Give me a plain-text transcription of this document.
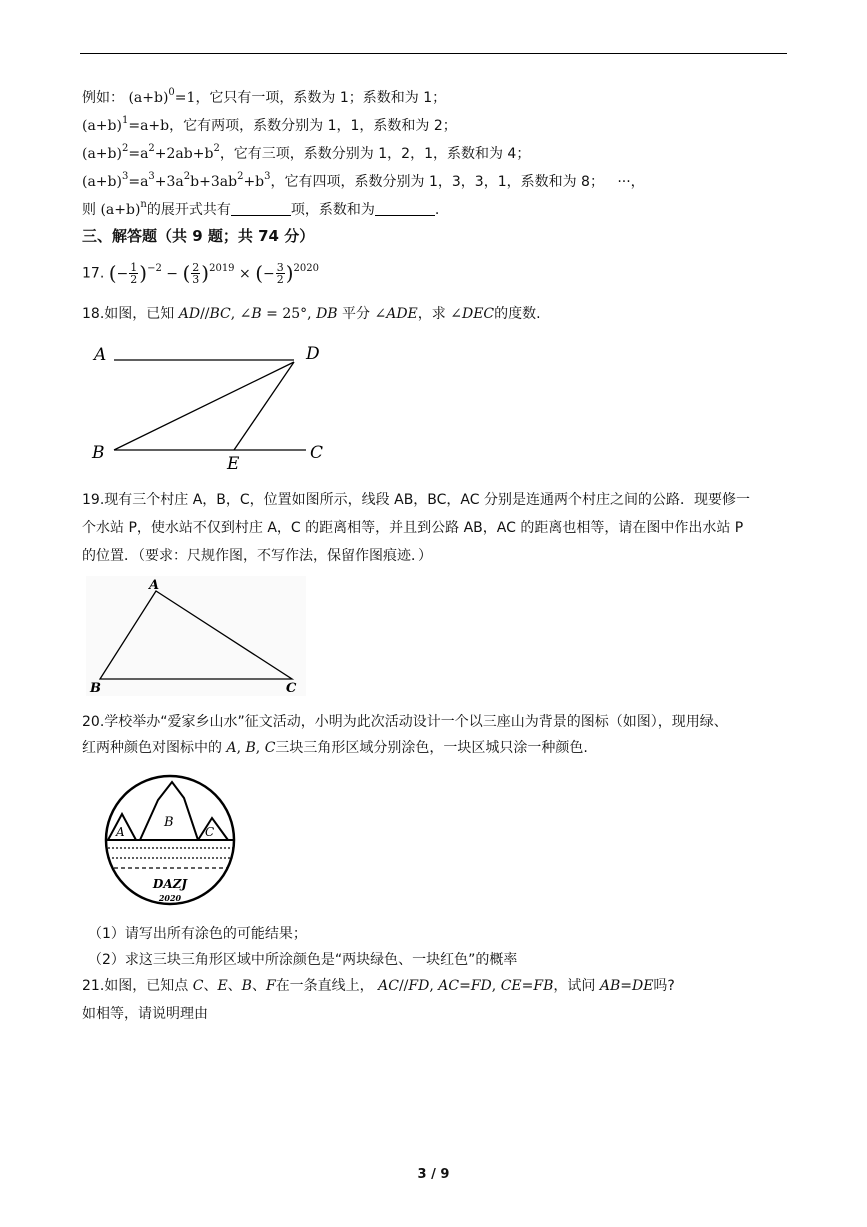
例如： $(a+b)^0=1$，它只有一项，系数为 1；系数和为 1；
$(a+b)^1=a+b$，它有两项，系数分别为 1，1，系数和为 2；
$(a+b)^2=a^2+2ab+b^2$，它有三项，系数分别为 1，2，1，系数和为 4；
$(a+b)^3=a^3+3a^2b+3ab^2+b^3$，它有四项，系数分别为 1，3，3，1，系数和为 8； ···，
则 $(a+b)^n$的展开式共有	项，系数和为	.
三、解答题（共 9 题；共 74 分）
17. (− $\frac{1}{2} )^{-2}$ − ( $\frac{2}{3} )^{2019}$ × (− $\frac{3}{2} )^{2020}$
18.如图，已知 AD//BC, ∠B = 25°, DB 平分 ∠ADE，求 ∠DEC的度数.
A	D
B
E
C
19.现有三个村庄 A，B，C，位置如图所示，线段 AB，BC，AC 分别是连通两个村庄之间的公路．现要修一
个水站 P，使水站不仅到村庄 A，C 的距离相等，并且到公路 AB，AC 的距离也相等，请在图中作出水站 P
的位置．（要求：尺规作图，不写作法，保留作图痕迹．）
A
B	C
20.学校举办“爱家乡山水”征文活动，小明为此次活动设计一个以三座山为背景的图标（如图），现用绿、
红两种颜色对图标中的 A, B, C三块三角形区域分别涂色，一块区城只涂一种颜色.
A
B
C
DAZJ
2020
（1）请写出所有涂色的可能结果；
（2）求这三块三角形区域中所涂颜色是“两块绿色、一块红色”的概率
21.如图，已知点 C、E、B、F在一条直线上， AC//FD, AC=FD, CE=FB，试问 AB=DE吗?
如相等，请说明理由
3 / 9
